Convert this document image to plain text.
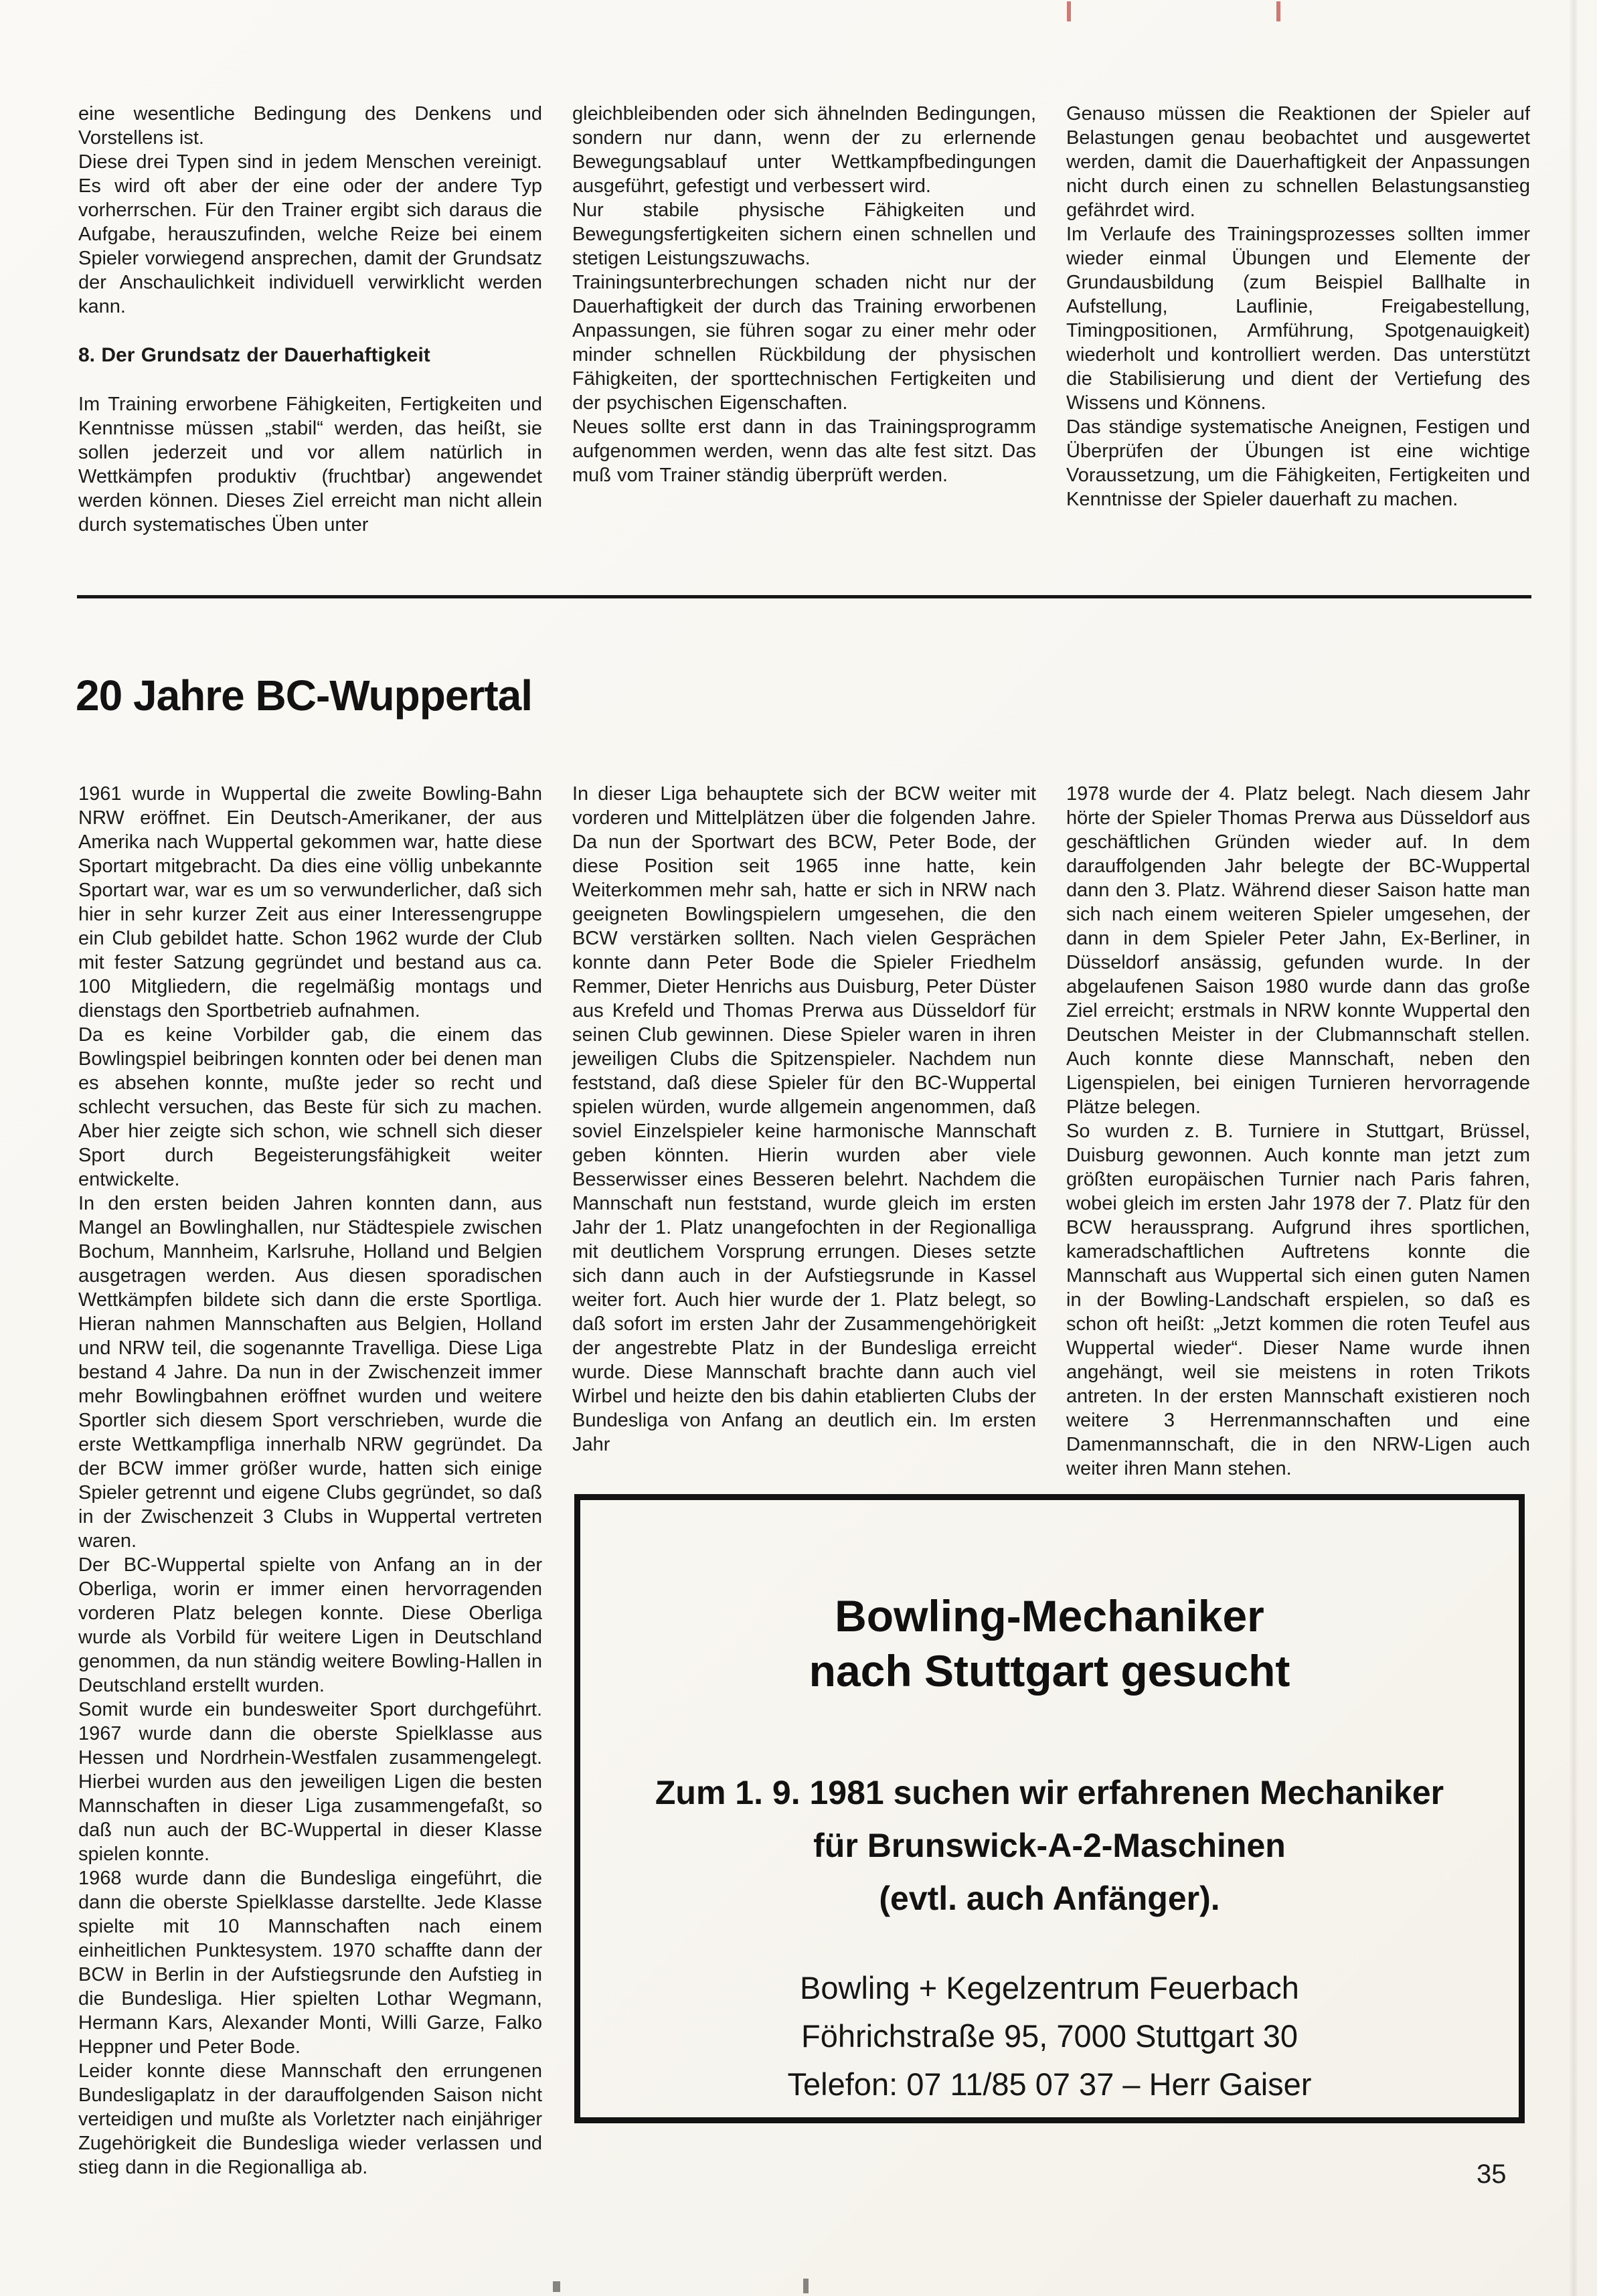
eine wesentliche Bedingung des Denkens und Vorstellens ist.

Diese drei Typen sind in jedem Menschen vereinigt. Es wird oft aber der eine oder der andere Typ vorherrschen. Für den Trainer ergibt sich daraus die Aufgabe, herauszufinden, welche Reize bei einem Spieler vorwiegend ansprechen, damit der Grundsatz der Anschaulichkeit individuell verwirklicht werden kann.

8. Der Grundsatz der Dauerhaftigkeit

Im Training erworbene Fähigkeiten, Fertigkeiten und Kenntnisse müssen „stabil“ werden, das heißt, sie sollen jederzeit und vor allem natürlich in Wettkämpfen produktiv (fruchtbar) angewendet werden können. Dieses Ziel erreicht man nicht allein durch systematisches Üben unter

gleichbleibenden oder sich ähnelnden Bedingungen, sondern nur dann, wenn der zu erlernende Bewegungsablauf unter Wettkampfbedingungen ausgeführt, gefestigt und verbessert wird.

Nur stabile physische Fähigkeiten und Bewegungsfertigkeiten sichern einen schnellen und stetigen Leistungszuwachs.

Trainingsunterbrechungen schaden nicht nur der Dauerhaftigkeit der durch das Training erworbenen Anpassungen, sie führen sogar zu einer mehr oder minder schnellen Rückbildung der physischen Fähigkeiten, der sporttechnischen Fertigkeiten und der psychischen Eigenschaften.

Neues sollte erst dann in das Trainingsprogramm aufgenommen werden, wenn das alte fest sitzt. Das muß vom Trainer ständig überprüft werden.

Genauso müssen die Reaktionen der Spieler auf Belastungen genau beobachtet und ausgewertet werden, damit die Dauerhaftigkeit der Anpassungen nicht durch einen zu schnellen Belastungsanstieg gefährdet wird.

Im Verlaufe des Trainingsprozesses sollten immer wieder einmal Übungen und Elemente der Grundausbildung (zum Beispiel Ballhalte in Aufstellung, Lauflinie, Freigabestellung, Timingpositionen, Armführung, Spotgenauigkeit) wiederholt und kontrolliert werden. Das unterstützt die Stabilisierung und dient der Vertiefung des Wissens und Könnens.

Das ständige systematische Aneignen, Festigen und Überprüfen der Übungen ist eine wichtige Voraussetzung, um die Fähigkeiten, Fertigkeiten und Kenntnisse der Spieler dauerhaft zu machen.

20 Jahre BC-Wuppertal

1961 wurde in Wuppertal die zweite Bowling-Bahn NRW eröffnet. Ein Deutsch-Amerikaner, der aus Amerika nach Wuppertal gekommen war, hatte diese Sportart mitgebracht. Da dies eine völlig unbekannte Sportart war, war es um so verwunderlicher, daß sich hier in sehr kurzer Zeit aus einer Interessengruppe ein Club gebildet hatte. Schon 1962 wurde der Club mit fester Satzung gegründet und bestand aus ca. 100 Mitgliedern, die regelmäßig montags und dienstags den Sportbetrieb aufnahmen.

Da es keine Vorbilder gab, die einem das Bowlingspiel beibringen konnten oder bei denen man es absehen konnte, mußte jeder so recht und schlecht versuchen, das Beste für sich zu machen. Aber hier zeigte sich schon, wie schnell sich dieser Sport durch Begeisterungsfähigkeit weiter entwickelte.

In den ersten beiden Jahren konnten dann, aus Mangel an Bowlinghallen, nur Städtespiele zwischen Bochum, Mannheim, Karlsruhe, Holland und Belgien ausgetragen werden. Aus diesen sporadischen Wettkämpfen bildete sich dann die erste Sportliga. Hieran nahmen Mannschaften aus Belgien, Holland und NRW teil, die sogenannte Travelliga. Diese Liga bestand 4 Jahre. Da nun in der Zwischenzeit immer mehr Bowlingbahnen eröffnet wurden und weitere Sportler sich diesem Sport verschrieben, wurde die erste Wettkampfliga innerhalb NRW gegründet. Da der BCW immer größer wurde, hatten sich einige Spieler getrennt und eigene Clubs gegründet, so daß in der Zwischenzeit 3 Clubs in Wuppertal vertreten waren.

Der BC-Wuppertal spielte von Anfang an in der Oberliga, worin er immer einen hervorragenden vorderen Platz belegen konnte. Diese Oberliga wurde als Vorbild für weitere Ligen in Deutschland genommen, da nun ständig weitere Bowling-Hallen in Deutschland erstellt wurden.

Somit wurde ein bundesweiter Sport durchgeführt. 1967 wurde dann die oberste Spielklasse aus Hessen und Nordrhein-Westfalen zusammengelegt. Hierbei wurden aus den jeweiligen Ligen die besten Mannschaften in dieser Liga zusammengefaßt, so daß nun auch der BC-Wuppertal in dieser Klasse spielen konnte.

1968 wurde dann die Bundesliga eingeführt, die dann die oberste Spielklasse darstellte. Jede Klasse spielte mit 10 Mannschaften nach einem einheitlichen Punktesystem. 1970 schaffte dann der BCW in Berlin in der Aufstiegsrunde den Aufstieg in die Bundesliga. Hier spielten Lothar Wegmann, Hermann Kars, Alexander Monti, Willi Garze, Falko Heppner und Peter Bode.

Leider konnte diese Mannschaft den errungenen Bundesligaplatz in der darauffolgenden Saison nicht verteidigen und mußte als Vorletzter nach einjähriger Zugehörigkeit die Bundesliga wieder verlassen und stieg dann in die Regionalliga ab.

In dieser Liga behauptete sich der BCW weiter mit vorderen und Mittelplätzen über die folgenden Jahre. Da nun der Sportwart des BCW, Peter Bode, der diese Position seit 1965 inne hatte, kein Weiterkommen mehr sah, hatte er sich in NRW nach geeigneten Bowlingspielern umgesehen, die den BCW verstärken sollten. Nach vielen Gesprächen konnte dann Peter Bode die Spieler Friedhelm Remmer, Dieter Henrichs aus Duisburg, Peter Düster aus Krefeld und Thomas Prerwa aus Düsseldorf für seinen Club gewinnen. Diese Spieler waren in ihren jeweiligen Clubs die Spitzenspieler. Nachdem nun feststand, daß diese Spieler für den BC-Wuppertal spielen würden, wurde allgemein angenommen, daß soviel Einzelspieler keine harmonische Mannschaft geben könnten. Hierin wurden aber viele Besserwisser eines Besseren belehrt. Nachdem die Mannschaft nun feststand, wurde gleich im ersten Jahr der 1. Platz unangefochten in der Regionalliga mit deutlichem Vorsprung errungen. Dieses setzte sich dann auch in der Aufstiegsrunde in Kassel weiter fort. Auch hier wurde der 1. Platz belegt, so daß sofort im ersten Jahr der Zusammengehörigkeit der angestrebte Platz in der Bundesliga erreicht wurde. Diese Mannschaft brachte dann auch viel Wirbel und heizte den bis dahin etablierten Clubs der Bundesliga von Anfang an deutlich ein. Im ersten Jahr

1978 wurde der 4. Platz belegt. Nach diesem Jahr hörte der Spieler Thomas Prerwa aus Düsseldorf aus geschäftlichen Gründen wieder auf. In dem darauffolgenden Jahr belegte der BC-Wuppertal dann den 3. Platz. Während dieser Saison hatte man sich nach einem weiteren Spieler umgesehen, der dann in dem Spieler Peter Jahn, Ex-Berliner, in Düsseldorf ansässig, gefunden wurde. In der abgelaufenen Saison 1980 wurde dann das große Ziel erreicht; erstmals in NRW konnte Wuppertal den Deutschen Meister in der Clubmannschaft stellen. Auch konnte diese Mannschaft, neben den Ligenspielen, bei einigen Turnieren hervorragende Plätze belegen.

So wurden z. B. Turniere in Stuttgart, Brüssel, Duisburg gewonnen. Auch konnte man jetzt zum größten europäischen Turnier nach Paris fahren, wobei gleich im ersten Jahr 1978 der 7. Platz für den BCW heraussprang. Aufgrund ihres sportlichen, kameradschaftlichen Auftretens konnte die Mannschaft aus Wuppertal sich einen guten Namen in der Bowling-Landschaft erspielen, so daß es schon oft heißt: „Jetzt kommen die roten Teufel aus Wuppertal wieder“. Dieser Name wurde ihnen angehängt, weil sie meistens in roten Trikots antreten. In der ersten Mannschaft existieren noch weitere 3 Herrenmannschaften und eine Damenmannschaft, die in den NRW-Ligen auch weiter ihren Mann stehen.

Bowling-Mechaniker
nach Stuttgart gesucht
Zum 1. 9. 1981 suchen wir erfahrenen Mechaniker
für Brunswick-A-2-Maschinen
(evtl. auch Anfänger).
Bowling + Kegelzentrum Feuerbach
Föhrichstraße 95, 7000 Stuttgart 30
Telefon: 07 11/85 07 37 – Herr Gaiser
35
